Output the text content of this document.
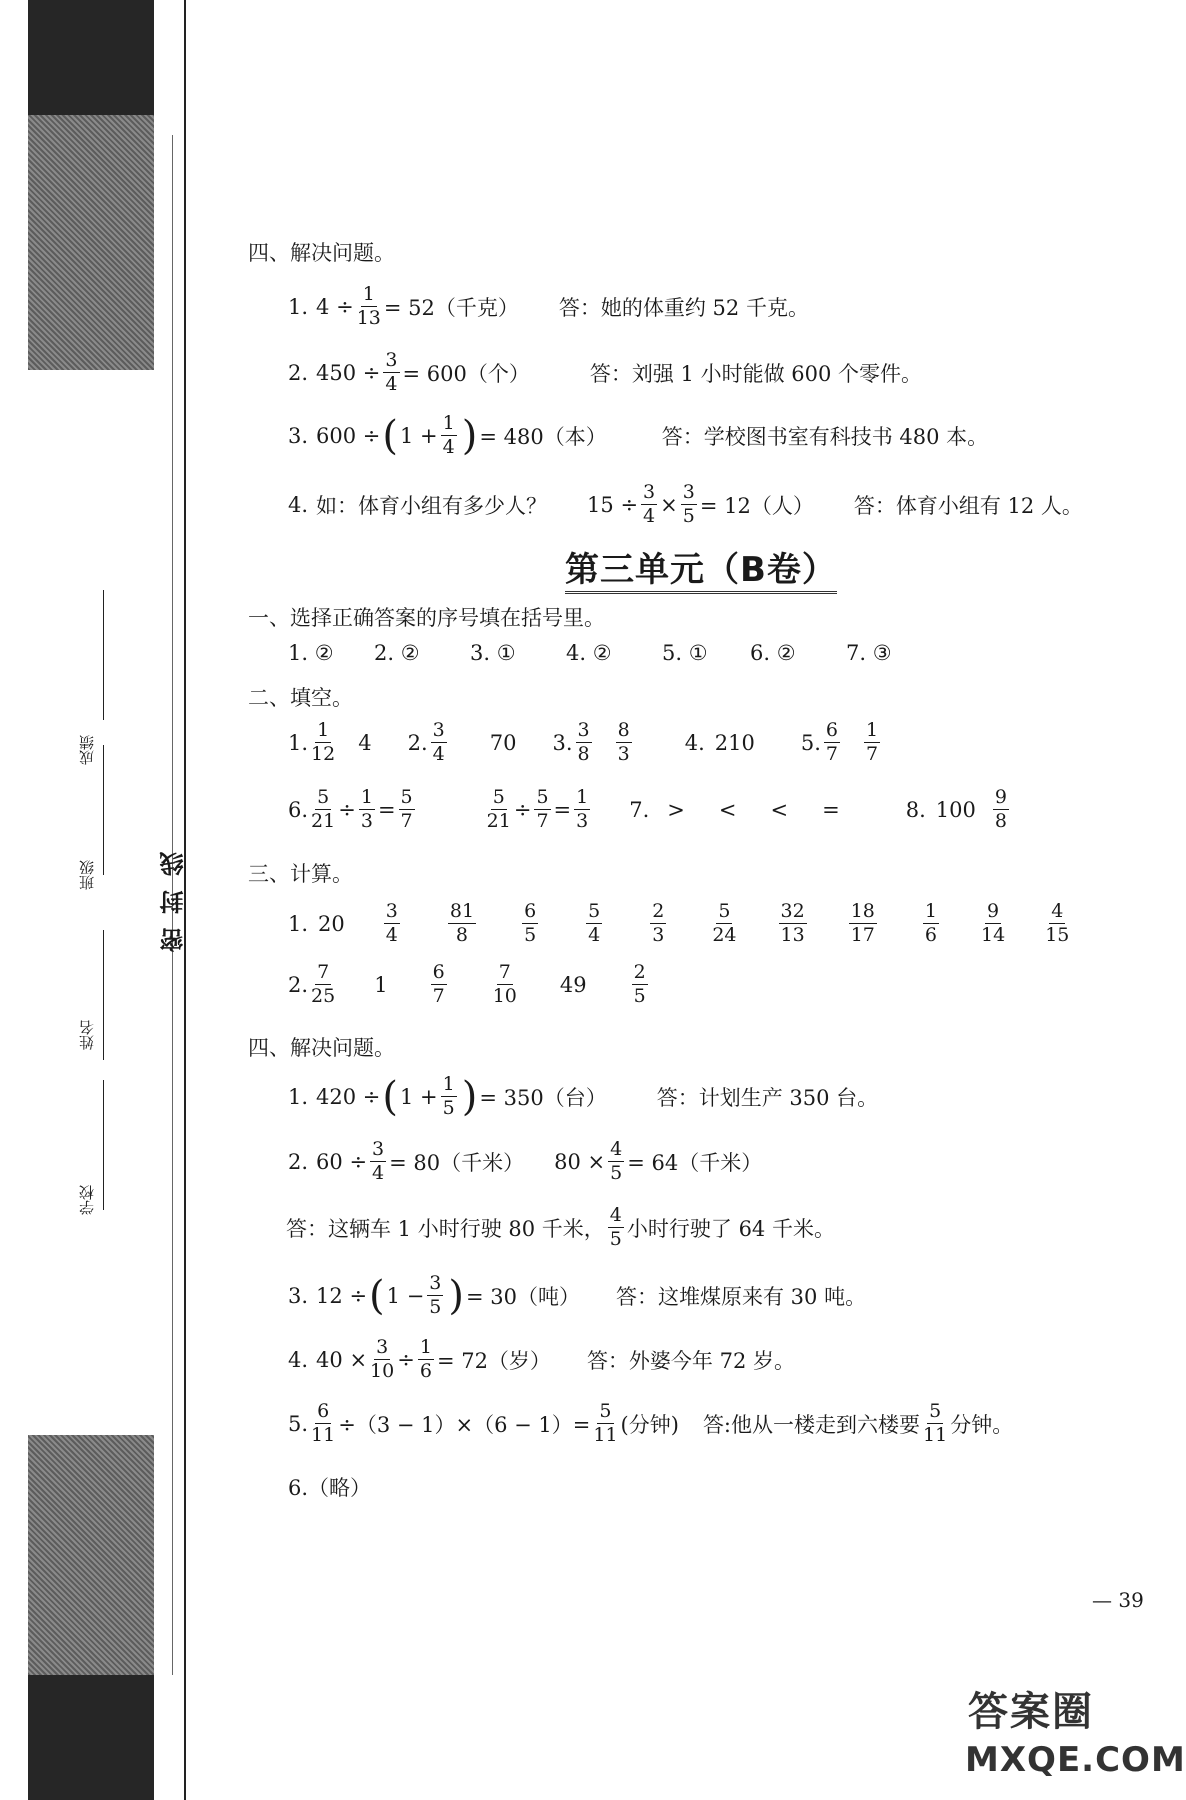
学校
姓名
班级
成绩
密封线
四、解决问题。
1. $4 \div \frac{1}{13} = 52$（千克） 答：她的体重约 52 千克。
2. $450 \div \frac{3}{4} = 600$（个）	答：刘强 1 小时能做 600 个零件。
3. 600 ÷ ( $1 + \frac{1}{4}$ ) = 480（本）	答：学校图书室有科技书 480 本。
4. 如：体育小组有多少人？ $15 \div \frac{3}{4} \times \frac{3}{5} = 12$（人） 答：体育小组有 12 人。
第三单元（B卷）
一、选择正确答案的序号填在括号里。
1. ② 2. ② 3. ① 4. ② 5. ① 6. ② 7. ③
二、填空。
1. $\frac{1}{12} 4$ 2. $\frac{3}{4} 70$ 3. $\frac{3}{8} \frac{8}{3}$	4. 210 5. $\frac{6}{7} \frac{1}{7}$
6. $\frac{5}{21} \div \frac{1}{3} = \frac{5}{7}$	$\frac{5}{21} \div \frac{5}{7} = \frac{1}{3} 7$. > < < =	8. $100 \frac{9}{8}$
三、计算。
1. $20 \frac{3}{4}$	$\frac{81}{8} \frac{6}{5}$	$\frac{5}{4}$	$\frac{2}{3} \frac{5}{24} \frac{32}{13} \frac{18}{17} \frac{1}{6} \frac{9}{14} \frac{4}{15}$
2. $\frac{7}{25} 1 \frac{6}{7} \frac{7}{10} 49 \frac{2}{5}$
四、解决问题。
1. 420 ÷ ( $1 + \frac{1}{5}$ ) = 350（台） 答：计划生产 350 台。
2. $60 \div \frac{3}{4} = 80$（千米） $80 \times \frac{4}{5} = 64$（千米）
答：这辆车 1 小时行驶 80 千米， $\frac{4}{5}$ 小时行驶了 64 千米。
3. 12 ÷ ( $1 - \frac{3}{5}$ ) = 30（吨） 答：这堆煤原来有 30 吨。
4. $40 \times \frac{3}{10} \div \frac{1}{6} = 72$（岁） 答：外婆今年 72 岁。
5. $\frac{6}{11} \div(3 - 1)\times(6 - 1)= \frac{5}{11}$ (分钟) 答:他从一楼走到六楼要 $\frac{5}{11}$ 分钟。
6.（略）
— 39
答案圈
MXQE.COM
